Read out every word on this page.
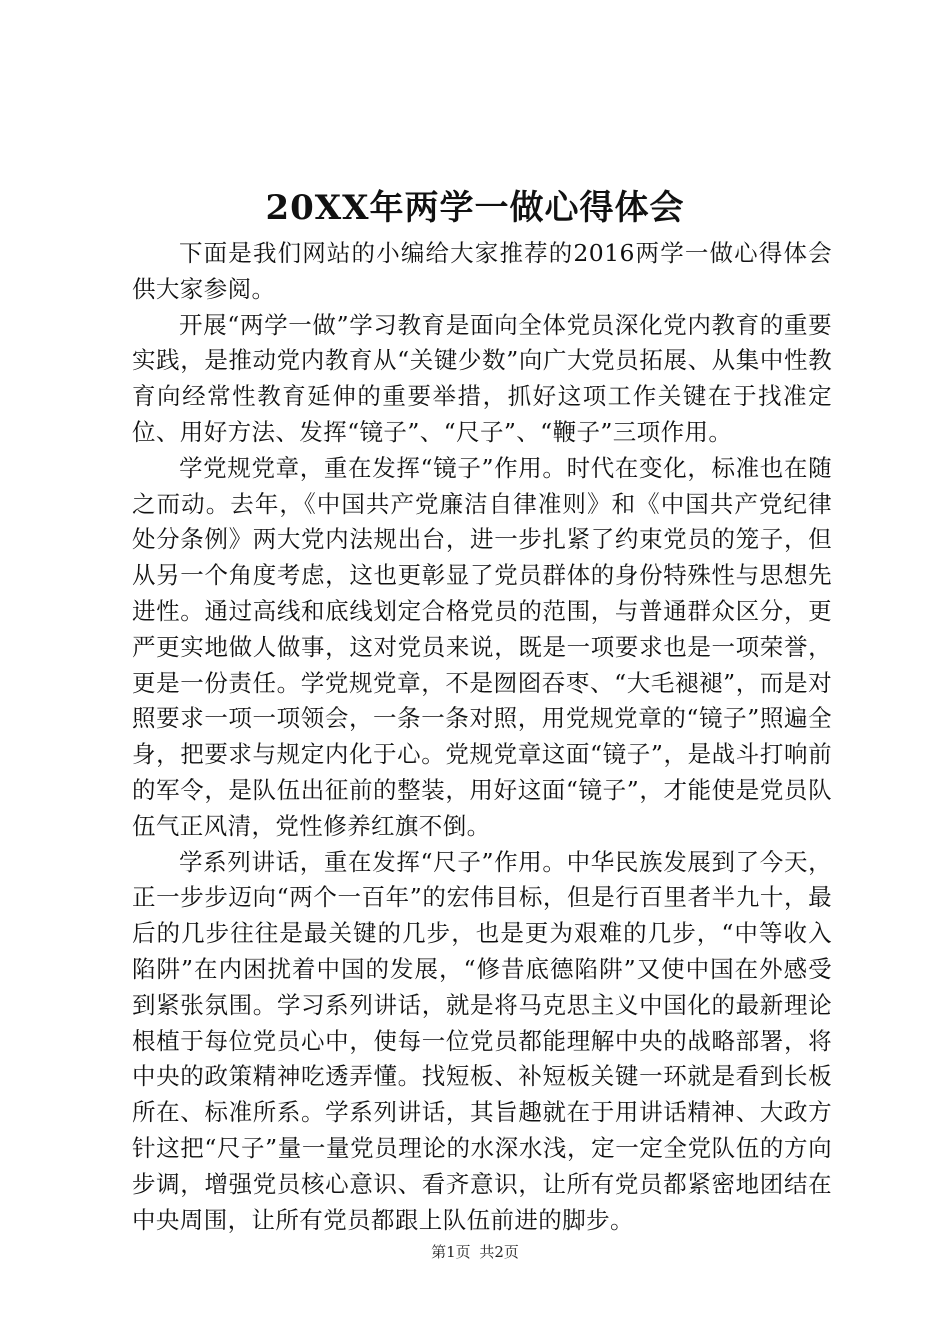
20XX年两学一做心得体会

下面是我们网站的小编给大家推荐的2016两学一做心得体会供大家参阅。

开展“两学一做”学习教育是面向全体党员深化党内教育的重要实践，是推动党内教育从“关键少数”向广大党员拓展、从集中性教育向经常性教育延伸的重要举措，抓好这项工作关键在于找准定位、用好方法、发挥“镜子”、“尺子”、“鞭子”三项作用。

学党规党章，重在发挥“镜子”作用。时代在变化，标准也在随之而动。去年，《中国共产党廉洁自律准则》和《中国共产党纪律处分条例》两大党内法规出台，进一步扎紧了约束党员的笼子，但从另一个角度考虑，这也更彰显了党员群体的身份特殊性与思想先进性。通过高线和底线划定合格党员的范围，与普通群众区分，更严更实地做人做事，这对党员来说，既是一项要求也是一项荣誉，更是一份责任。学党规党章，不是囫囵吞枣、“大毛褪褪”，而是对照要求一项一项领会，一条一条对照，用党规党章的“镜子”照遍全身，把要求与规定内化于心。党规党章这面“镜子”，是战斗打响前的军令，是队伍出征前的整装，用好这面“镜子”，才能使是党员队伍气正风清，党性修养红旗不倒。

学系列讲话，重在发挥“尺子”作用。中华民族发展到了今天，正一步步迈向“两个一百年”的宏伟目标，但是行百里者半九十，最后的几步往往是最关键的几步，也是更为艰难的几步，“中等收入陷阱”在内困扰着中国的发展，“修昔底德陷阱”又使中国在外感受到紧张氛围。学习系列讲话，就是将马克思主义中国化的最新理论根植于每位党员心中，使每一位党员都能理解中央的战略部署，将中央的政策精神吃透弄懂。找短板、补短板关键一环就是看到长板所在、标准所系。学系列讲话，其旨趣就在于用讲话精神、大政方针这把“尺子”量一量党员理论的水深水浅，定一定全党队伍的方向步调，增强党员核心意识、看齐意识，让所有党员都紧密地团结在中央周围，让所有党员都跟上队伍前进的脚步。

第1页 共2页
